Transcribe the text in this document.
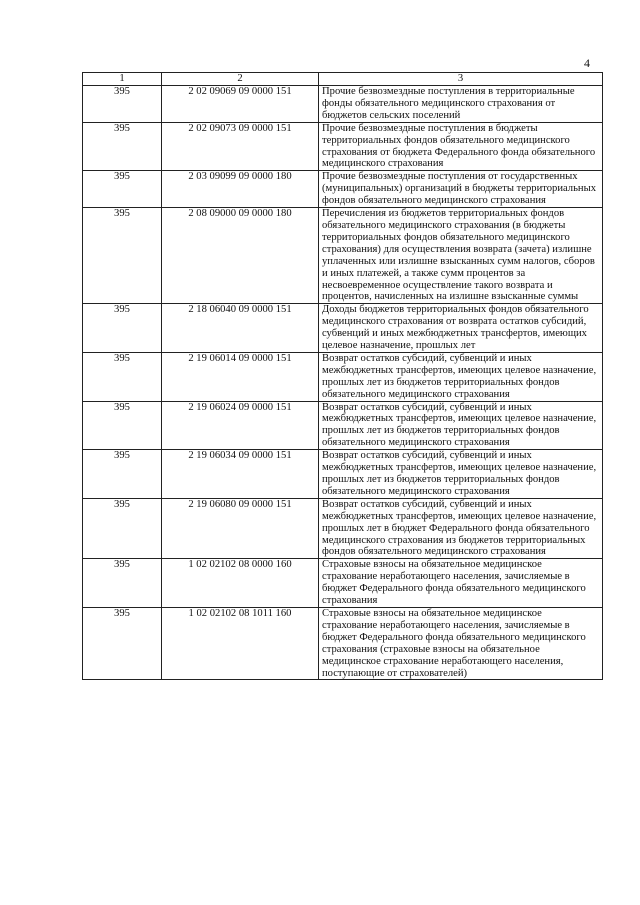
4
1	2	3
395	2 02 09069 09 0000 151	Прочие безвозмездные поступления в территориальные фонды обязательного медицинского страхования от бюджетов сельских поселений
395	2 02 09073 09 0000 151	Прочие безвозмездные поступления в бюджеты территориальных фондов обязательного медицинского страхования от бюджета Федерального фонда обязательного медицинского страхования
395	2 03 09099 09 0000 180	Прочие безвозмездные поступления от государственных (муниципальных) организаций в бюджеты территориальных фондов обязательного медицинского страхования
395	2 08 09000 09 0000 180	Перечисления из бюджетов территориальных фондов обязательного медицинского страхования (в бюджеты территориальных фондов обязательного медицинского страхования) для осуществления возврата (зачета) излишне уплаченных или излишне взысканных сумм налогов, сборов и иных платежей, а также сумм процентов за несвоевременное осуществление такого возврата и процентов, начисленных на излишне взысканные суммы
395	2 18 06040 09 0000 151	Доходы бюджетов территориальных фондов обязательного медицинского страхования от возврата остатков субсидий, субвенций и иных межбюджетных трансфертов, имеющих целевое назначение, прошлых лет
395	2 19 06014 09 0000 151	Возврат остатков субсидий, субвенций и иных межбюджетных трансфертов, имеющих целевое назначение, прошлых лет из бюджетов территориальных фондов обязательного медицинского страхования
395	2 19 06024 09 0000 151	Возврат остатков субсидий, субвенций и иных межбюджетных трансфертов, имеющих целевое назначение, прошлых лет из бюджетов территориальных фондов обязательного медицинского страхования
395	2 19 06034 09 0000 151	Возврат остатков субсидий, субвенций и иных межбюджетных трансфертов, имеющих целевое назначение, прошлых лет из бюджетов территориальных фондов обязательного медицинского страхования
395	2 19 06080 09 0000 151	Возврат остатков субсидий, субвенций и иных межбюджетных трансфертов, имеющих целевое назначение, прошлых лет в бюджет Федерального фонда обязательного медицинского страхования из бюджетов территориальных фондов обязательного медицинского страхования
395	1 02 02102 08 0000 160	Страховые взносы на обязательное медицинское страхование неработающего населения, зачисляемые в бюджет Федерального фонда обязательного медицинского страхования
395	1 02 02102 08 1011 160	Страховые взносы на обязательное медицинское страхование неработающего населения, зачисляемые в бюджет Федерального фонда обязательного медицинского страхования (страховые взносы на обязательное медицинское страхование неработающего населения, поступающие от страхователей)
